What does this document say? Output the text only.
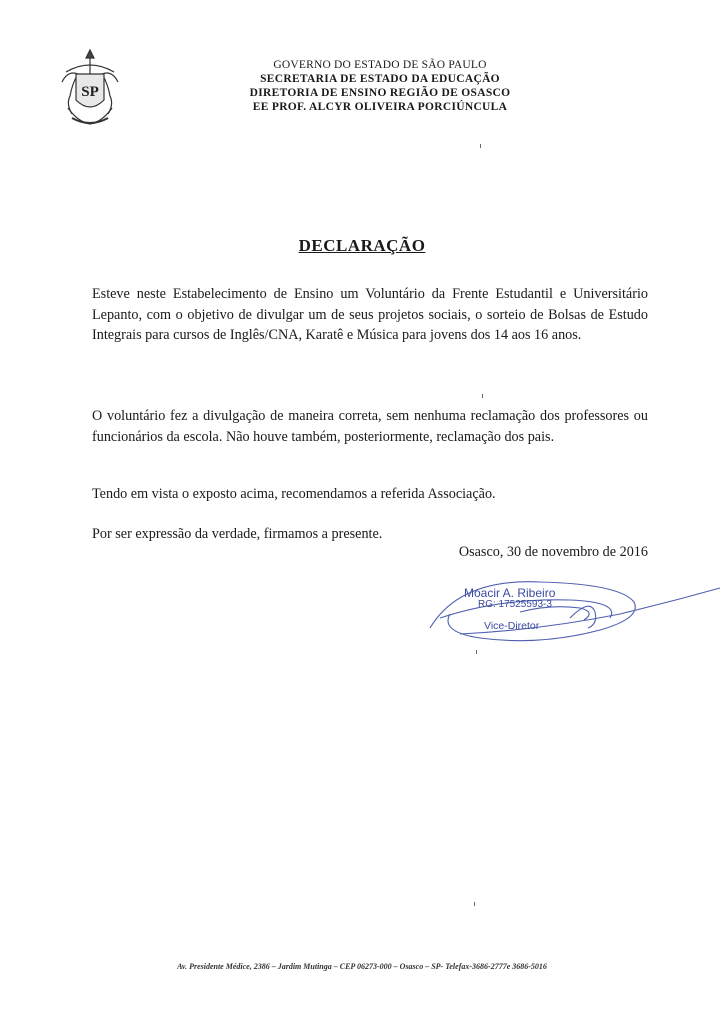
SP
GOVERNO DO ESTADO DE SÃO PAULO
SECRETARIA DE ESTADO DA EDUCAÇÃO
DIRETORIA DE ENSINO REGIÃO DE OSASCO
EE PROF. ALCYR OLIVEIRA PORCIÚNCULA
DECLARAÇÃO
Esteve neste Estabelecimento de Ensino um Voluntário da Frente Estudantil e Universitário Lepanto, com o objetivo de divulgar um de seus projetos sociais, o sorteio de Bolsas de Estudo Integrais para cursos de Inglês/CNA, Karatê e Música para jovens dos 14 aos 16 anos.
O voluntário fez a divulgação de maneira correta, sem nenhuma reclamação dos professores ou funcionários da escola. Não houve também, posteriormente, reclamação dos pais.
Tendo em vista o exposto acima, recomendamos a referida Associação.
Por ser expressão da verdade, firmamos a presente.
Osasco, 30 de novembro de 2016
Moacir A. Ribeiro
RG: 17525593-3
Vice-Diretor
Av. Presidente Médice, 2386 – Jardim Mutinga – CEP 06273-000 – Osasco – SP- Telefax-3686-2777e 3686-5016
